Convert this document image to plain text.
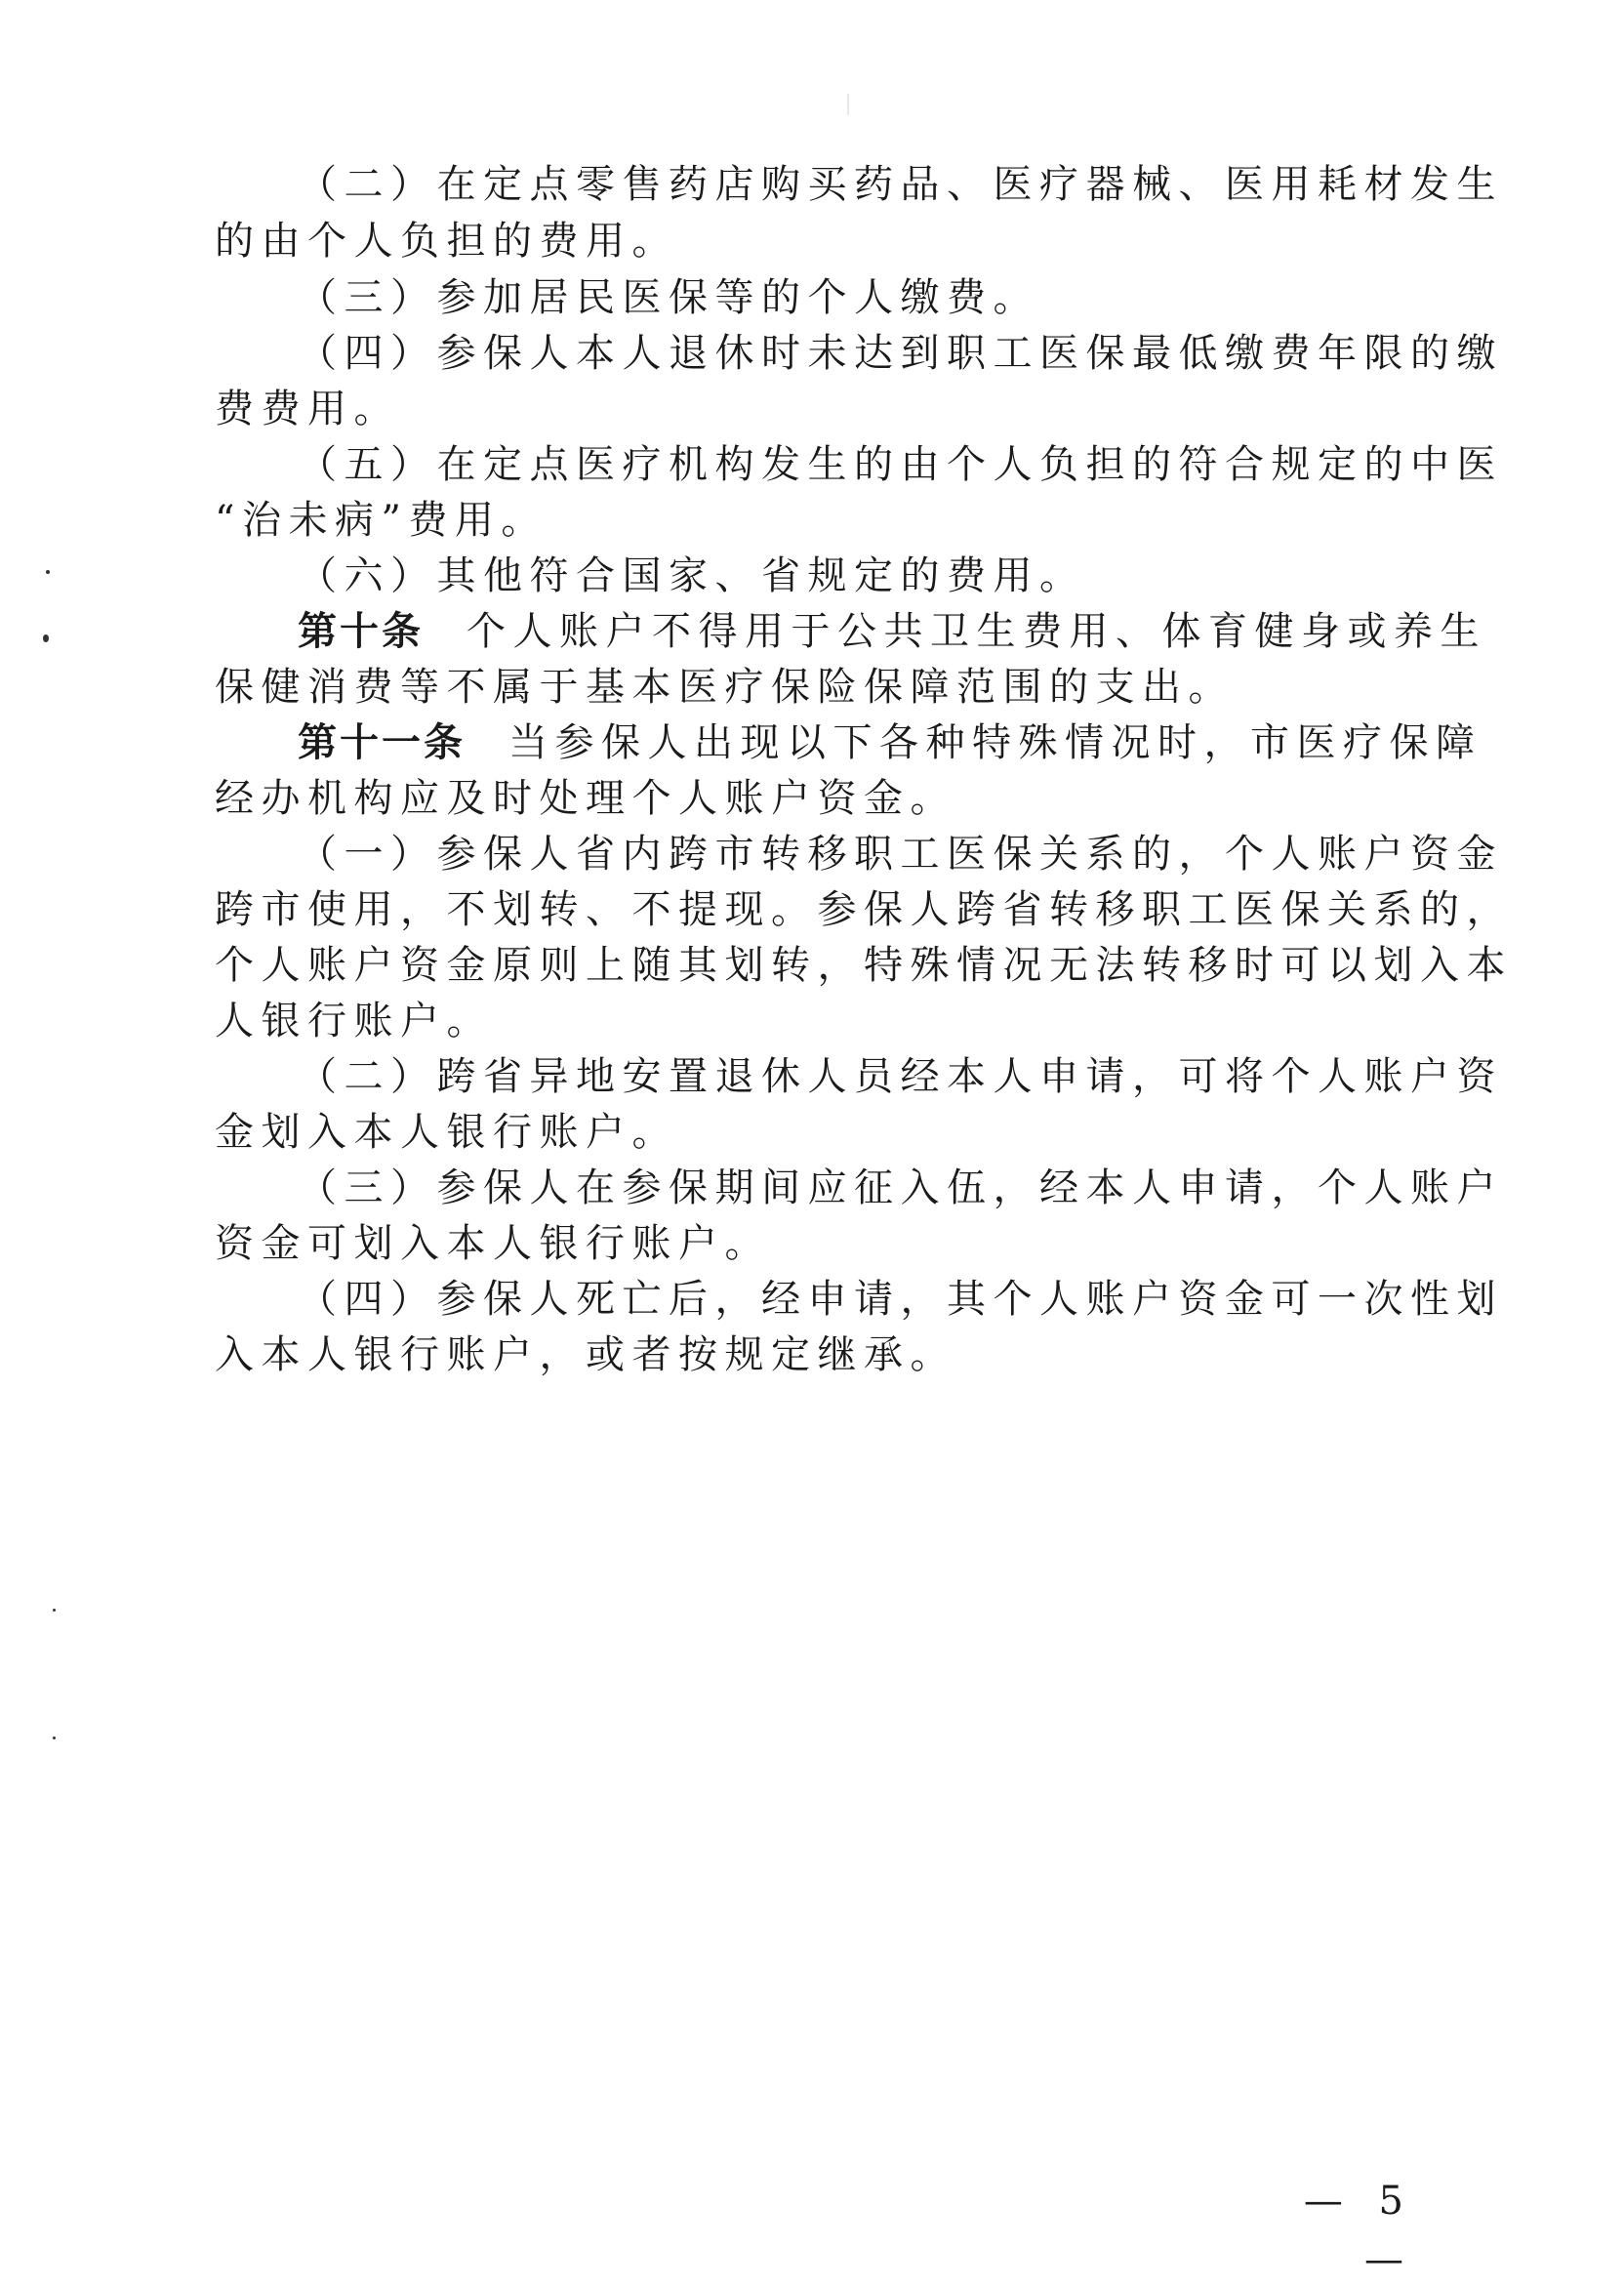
（二）在定点零售药店购买药品、医疗器械、医用耗材发生
的由个人负担的费用。
（三）参加居民医保等的个人缴费。
（四）参保人本人退休时未达到职工医保最低缴费年限的缴
费费用。
（五）在定点医疗机构发生的由个人负担的符合规定的中医
“治未病”费用。
（六）其他符合国家、省规定的费用。
第十条 个人账户不得用于公共卫生费用、体育健身或养生
保健消费等不属于基本医疗保险保障范围的支出。
第十一条 当参保人出现以下各种特殊情况时，市医疗保障
经办机构应及时处理个人账户资金。
（一）参保人省内跨市转移职工医保关系的，个人账户资金
跨市使用，不划转、不提现。参保人跨省转移职工医保关系的，
个人账户资金原则上随其划转，特殊情况无法转移时可以划入本
人银行账户。
（二）跨省异地安置退休人员经本人申请，可将个人账户资
金划入本人银行账户。
（三）参保人在参保期间应征入伍，经本人申请，个人账户
资金可划入本人银行账户。
（四）参保人死亡后，经申请，其个人账户资金可一次性划
入本人银行账户，或者按规定继承。
— 5 —
